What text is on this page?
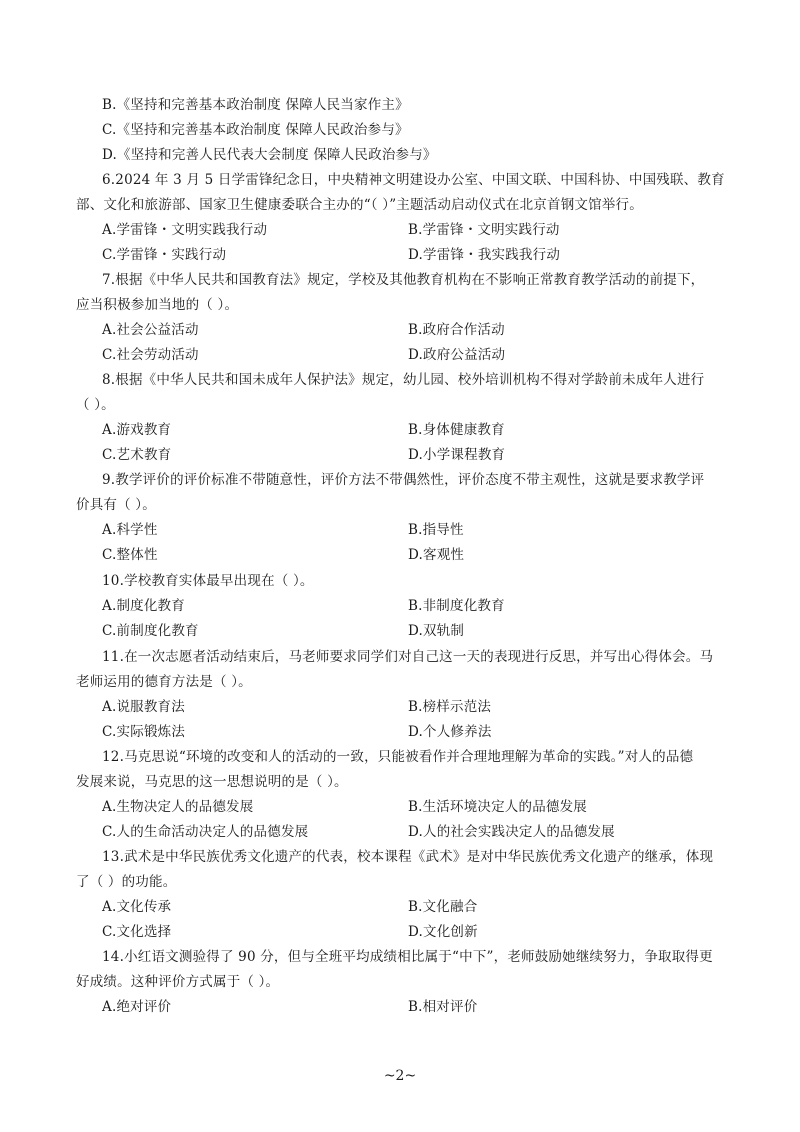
B.《坚持和完善基本政治制度 保障人民当家作主》
C.《坚持和完善基本政治制度 保障人民政治参与》
D.《坚持和完善人民代表大会制度 保障人民政治参与》
6.2024 年 3 月 5 日学雷锋纪念日，中央精神文明建设办公室、中国文联、中国科协、中国残联、教育
部、文化和旅游部、国家卫生健康委联合主办的“（ ）”主题活动启动仪式在北京首钢文馆举行。
A.学雷锋・文明实践我行动	B.学雷锋・文明实践行动
C.学雷锋・实践行动	D.学雷锋・我实践我行动
7.根据《中华人民共和国教育法》规定，学校及其他教育机构在不影响正常教育教学活动的前提下，
应当积极参加当地的（ ）。
A.社会公益活动	B.政府合作活动
C.社会劳动活动	D.政府公益活动
8.根据《中华人民共和国未成年人保护法》规定，幼儿园、校外培训机构不得对学龄前未成年人进行
（ ）。
A.游戏教育	B.身体健康教育
C.艺术教育	D.小学课程教育
9.教学评价的评价标准不带随意性，评价方法不带偶然性，评价态度不带主观性，这就是要求教学评
价具有（ ）。
A.科学性	B.指导性
C.整体性	D.客观性
10.学校教育实体最早出现在（ ）。
A.制度化教育	B.非制度化教育
C.前制度化教育	D.双轨制
11.在一次志愿者活动结束后，马老师要求同学们对自己这一天的表现进行反思，并写出心得体会。马
老师运用的德育方法是（ ）。
A.说服教育法	B.榜样示范法
C.实际锻炼法	D.个人修养法
12.马克思说“环境的改变和人的活动的一致，只能被看作并合理地理解为革命的实践。”对人的品德
发展来说，马克思的这一思想说明的是（ ）。
A.生物决定人的品德发展	B.生活环境决定人的品德发展
C.人的生命活动决定人的品德发展	D.人的社会实践决定人的品德发展
13.武术是中华民族优秀文化遗产的代表，校本课程《武术》是对中华民族优秀文化遗产的继承，体现
了（ ）的功能。
A.文化传承	B.文化融合
C.文化选择	D.文化创新
14.小红语文测验得了 90 分，但与全班平均成绩相比属于“中下”，老师鼓励她继续努力，争取取得更
好成绩。这种评价方式属于（ ）。
A.绝对评价	B.相对评价
~2~
